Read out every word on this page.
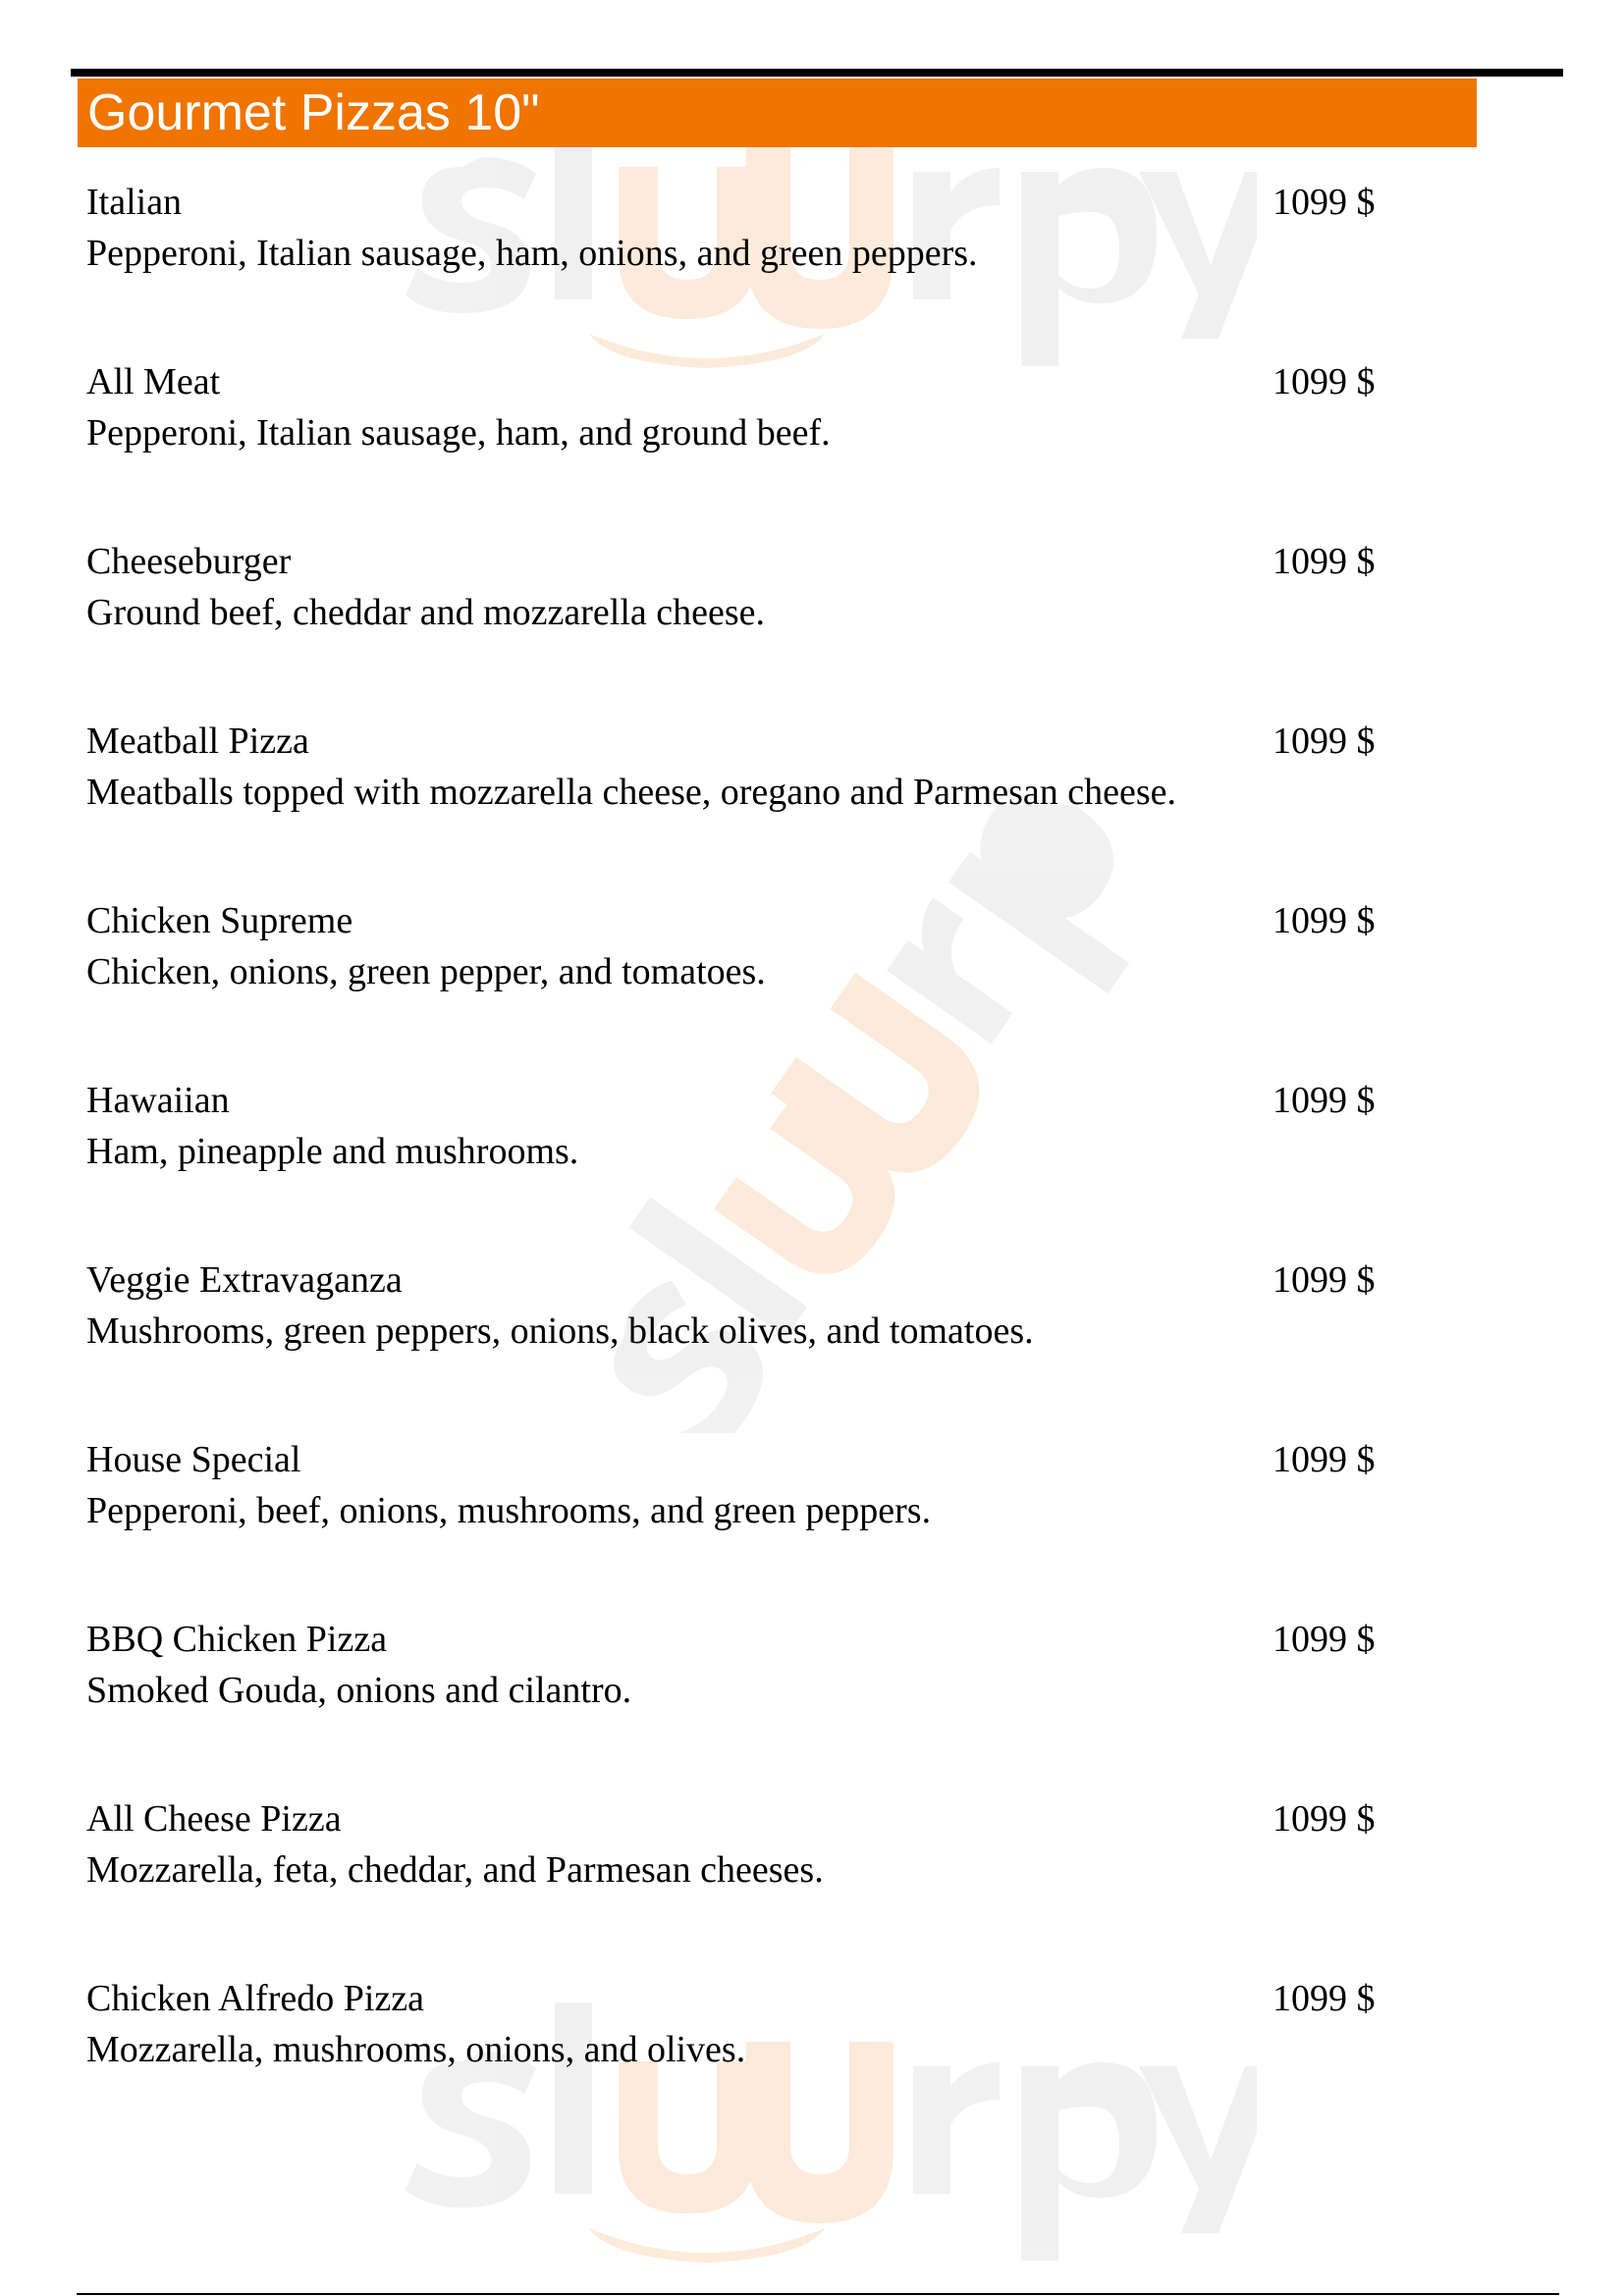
Gourmet Pizzas 10"
Italian
Pepperoni, Italian sausage, ham, onions, and green peppers.
1099 $
All Meat
Pepperoni, Italian sausage, ham, and ground beef.
1099 $
Cheeseburger
Ground beef, cheddar and mozzarella cheese.
1099 $
Meatball Pizza
Meatballs topped with mozzarella cheese, oregano and Parmesan cheese.
1099 $
Chicken Supreme
Chicken, onions, green pepper, and tomatoes.
1099 $
Hawaiian
Ham, pineapple and mushrooms.
1099 $
Veggie Extravaganza
Mushrooms, green peppers, onions, black olives, and tomatoes.
1099 $
House Special
Pepperoni, beef, onions, mushrooms, and green peppers.
1099 $
BBQ Chicken Pizza
Smoked Gouda, onions and cilantro.
1099 $
All Cheese Pizza
Mozzarella, feta, cheddar, and Parmesan cheeses.
1099 $
Chicken Alfredo Pizza
Mozzarella, mushrooms, onions, and olives.
1099 $
